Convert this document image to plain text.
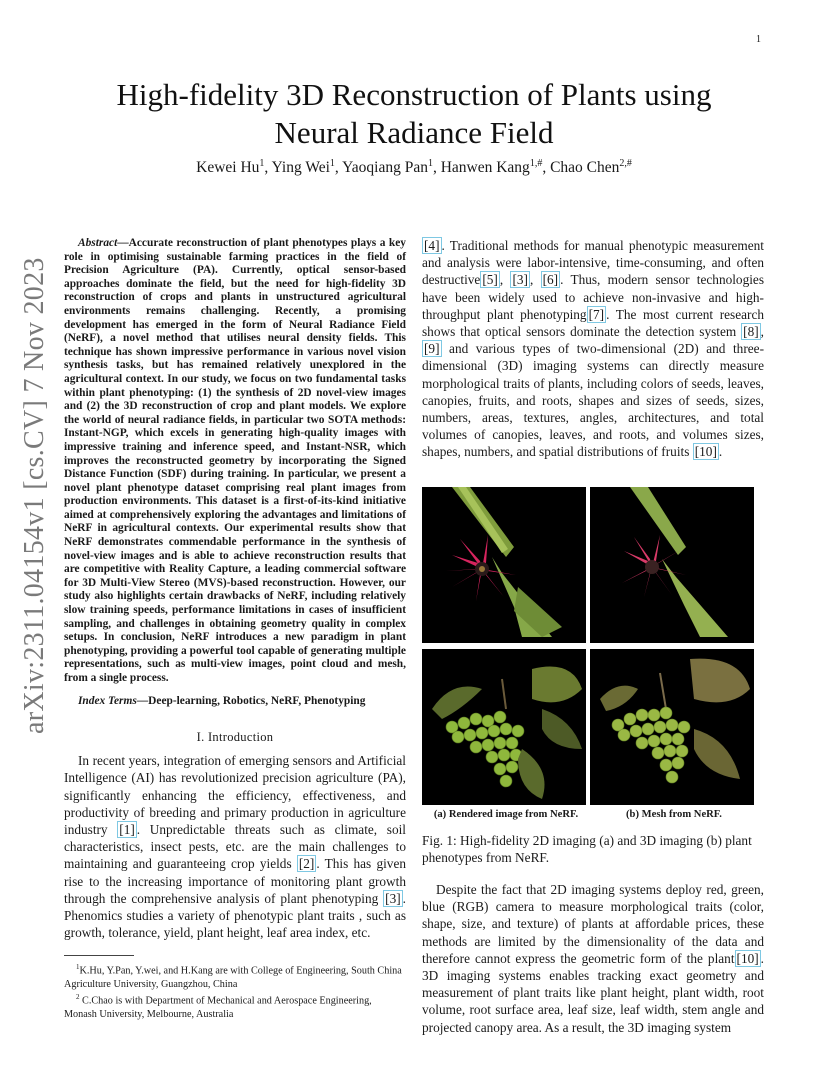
1
arXiv:2311.04154v1 [cs.CV] 7 Nov 2023
High-fidelity 3D Reconstruction of Plants using Neural Radiance Field
Kewei Hu$^1$, Ying Wei$^1$, Yaoqiang Pan$^1$, Hanwen Kang$^{1,\#}$, Chao Chen$^{2,\#}$

Abstract—Accurate reconstruction of plant phenotypes plays a key role in optimising sustainable farming practices in the field of Precision Agriculture (PA). Currently, optical sensor-based approaches dominate the field, but the need for high-fidelity 3D reconstruction of crops and plants in unstructured agricultural environments remains challenging. Recently, a promising development has emerged in the form of Neural Radiance Field (NeRF), a novel method that utilises neural density fields. This technique has shown impressive performance in various novel vision synthesis tasks, but has remained relatively unexplored in the agricultural context. In our study, we focus on two fundamental tasks within plant phenotyping: (1) the synthesis of 2D novel-view images and (2) the 3D reconstruction of crop and plant models. We explore the world of neural radiance fields, in particular two SOTA methods: Instant-NGP, which excels in generating high-quality images with impressive training and inference speed, and Instant-NSR, which improves the reconstructed geometry by incorporating the Signed Distance Function (SDF) during training. In particular, we present a novel plant phenotype dataset comprising real plant images from production environments. This dataset is a first-of-its-kind initiative aimed at comprehensively exploring the advantages and limitations of NeRF in agricultural contexts. Our experimental results show that NeRF demonstrates commendable performance in the synthesis of novel-view images and is able to achieve reconstruction results that are competitive with Reality Capture, a leading commercial software for 3D Multi-View Stereo (MVS)-based reconstruction. However, our study also highlights certain drawbacks of NeRF, including relatively slow training speeds, performance limitations in cases of insufficient sampling, and challenges in obtaining geometry quality in complex setups. In conclusion, NeRF introduces a new paradigm in plant phenotyping, providing a powerful tool capable of generating multiple representations, such as multi-view images, point cloud and mesh, from a single process.

Index Terms—Deep-learning, Robotics, NeRF, Phenotyping
I. Introduction

In recent years, integration of emerging sensors and Artificial Intelligence (AI) has revolutionized precision agriculture (PA), significantly enhancing the efficiency, effectiveness, and productivity of breeding and primary production in agriculture industry [1] . Unpredictable threats such as climate, soil characteristics, insect pests, etc. are the main challenges to maintaining and guaranteeing crop yields [2] . This has given rise to the increasing importance of monitoring plant growth through the comprehensive analysis of plant phenotyping [3] . Phenomics studies a variety of phenotypic plant traits , such as growth, tolerance, yield, plant height, leaf area index, etc.

$^1$K.Hu, Y.Pan, Y.wei, and H.Kang are with College of Engineering, South China Agriculture University, Guangzhou, China
$^2$ C.Chao is with Department of Mechanical and Aerospace Engineering, Monash University, Melbourne, Australia

[4] . Traditional methods for manual phenotypic measurement and analysis were labor-intensive, time-consuming, and often destructive [5] , [3] , [6] . Thus, modern sensor technologies have been widely used to achieve non-invasive and high-throughput plant phenotyping [7] . The most current research shows that optical sensors dominate the detection system [8] , [9] and various types of two-dimensional (2D) and three-dimensional (3D) imaging systems can directly measure morphological traits of plants, including colors of seeds, leaves, canopies, fruits, and roots, shapes and sizes of seeds, sizes, numbers, areas, textures, angles, architectures, and total volumes of canopies, leaves, and roots, and volumes sizes, shapes, numbers, and spatial distributions of fruits [10] .

(a) Rendered image from NeRF.	(b) Mesh from NeRF.
Fig. 1: High-fidelity 2D imaging (a) and 3D imaging (b) plant phenotypes from NeRF.

Despite the fact that 2D imaging systems deploy red, green, blue (RGB) camera to measure morphological traits (color, shape, size, and texture) of plants at affordable prices, these methods are limited by the dimensionality of the data and therefore cannot express the geometric form of the plant [10] . 3D imaging systems enables tracking exact geometry and measurement of plant traits like plant height, plant width, root volume, root surface area, leaf size, leaf width, stem angle and projected canopy area. As a result, the 3D imaging system
